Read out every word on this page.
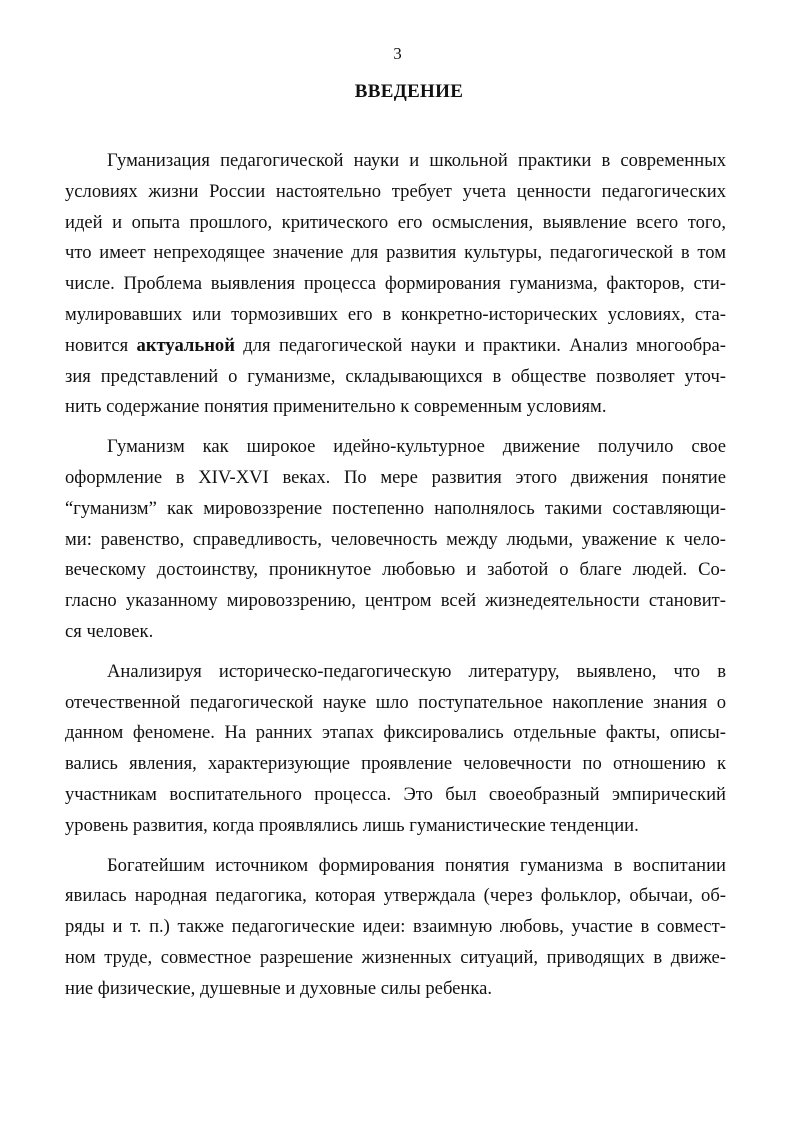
3
ВВЕДЕНИЕ

Гуманизация педагогической науки и школьной практики в современных
условиях жизни России настоятельно требует учета ценности педагогических
идей и опыта прошлого, критического его осмысления, выявление всего того,
что имеет непреходящее значение для развития культуры, педагогической в том
числе. Проблема выявления процесса формирования гуманизма, факторов, сти-
мулировавших или тормозивших его в конкретно-исторических условиях, ста-
новится актуальной для педагогической науки и практики. Анализ многообра-
зия представлений о гуманизме, складывающихся в обществе позволяет уточ-
нить содержание понятия применительно к современным условиям.

Гуманизм как широкое идейно-культурное движение получило свое
оформление в XIV-XVI веках. По мере развития этого движения понятие
“гуманизм” как мировоззрение постепенно наполнялось такими составляющи-
ми: равенство, справедливость, человечность между людьми, уважение к чело-
веческому достоинству, проникнутое любовью и заботой о благе людей. Со-
гласно указанному мировоззрению, центром всей жизнедеятельности становит-
ся человек.

Анализируя историческо-педагогическую литературу, выявлено, что в
отечественной педагогической науке шло поступательное накопление знания о
данном феномене. На ранних этапах фиксировались отдельные факты, описы-
вались явления, характеризующие проявление человечности по отношению к
участникам воспитательного процесса. Это был своеобразный эмпирический
уровень развития, когда проявлялись лишь гуманистические тенденции.

Богатейшим источником формирования понятия гуманизма в воспитании
явилась народная педагогика, которая утверждала (через фольклор, обычаи, об-
ряды и т. п.) также педагогические идеи: взаимную любовь, участие в совмест-
ном труде, совместное разрешение жизненных ситуаций, приводящих в движе-
ние физические, душевные и духовные силы ребенка.
